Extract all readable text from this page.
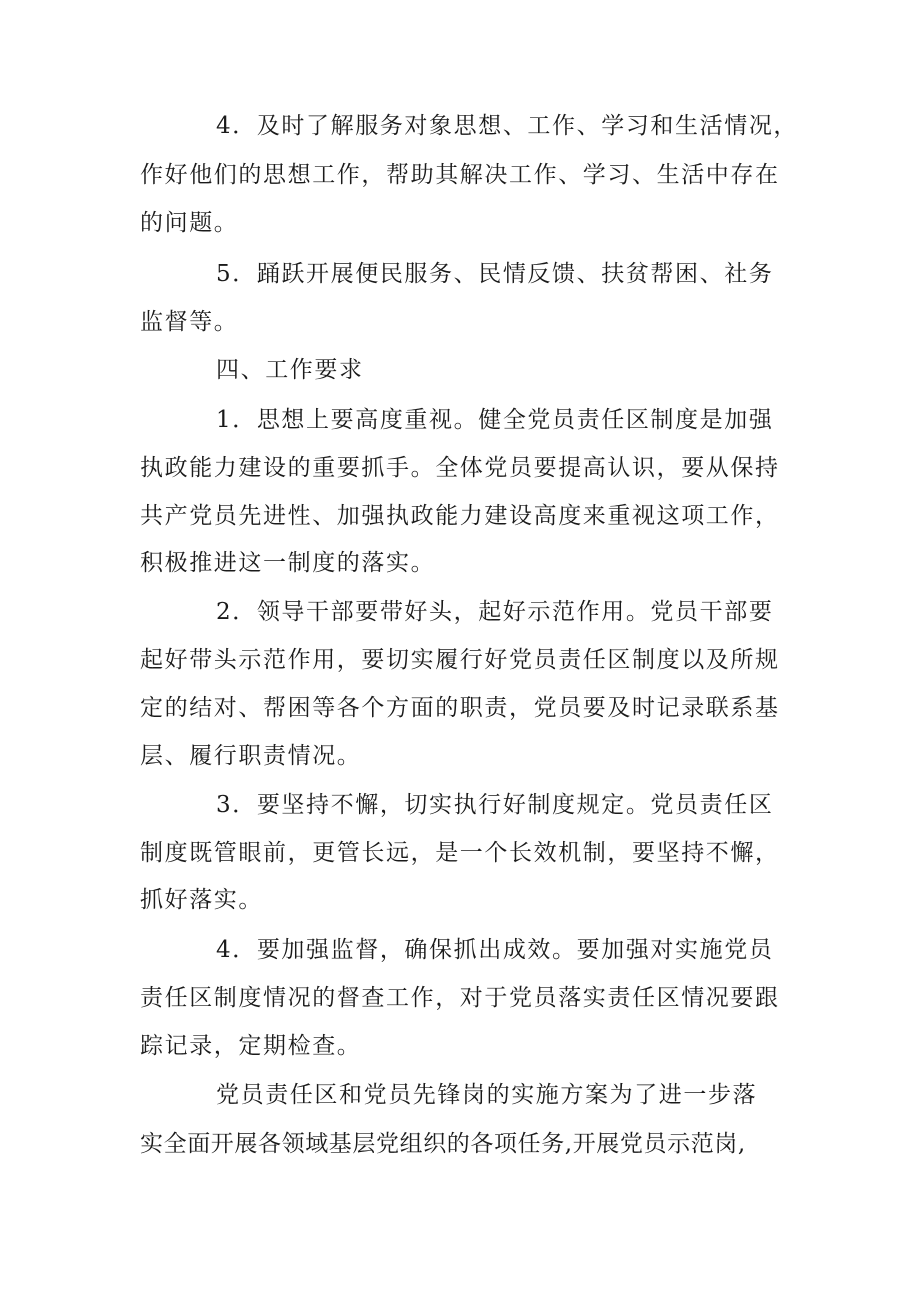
4．及时了解服务对象思想、工作、学习和生活情况，
作好他们的思想工作，帮助其解决工作、学习、生活中存在
的问题。
5．踊跃开展便民服务、民情反馈、扶贫帮困、社务
监督等。
四、工作要求
1．思想上要高度重视。健全党员责任区制度是加强
执政能力建设的重要抓手。全体党员要提高认识，要从保持
共产党员先进性、加强执政能力建设高度来重视这项工作，
积极推进这一制度的落实。
2．领导干部要带好头，起好示范作用。党员干部要
起好带头示范作用，要切实履行好党员责任区制度以及所规
定的结对、帮困等各个方面的职责，党员要及时记录联系基
层、履行职责情况。
3．要坚持不懈，切实执行好制度规定。党员责任区
制度既管眼前，更管长远，是一个长效机制，要坚持不懈，
抓好落实。
4．要加强监督，确保抓出成效。要加强对实施党员
责任区制度情况的督查工作，对于党员落实责任区情况要跟
踪记录，定期检查。
党员责任区和党员先锋岗的实施方案为了进一步落
实全面开展各领域基层党组织的各项任务,开展党员示范岗,
